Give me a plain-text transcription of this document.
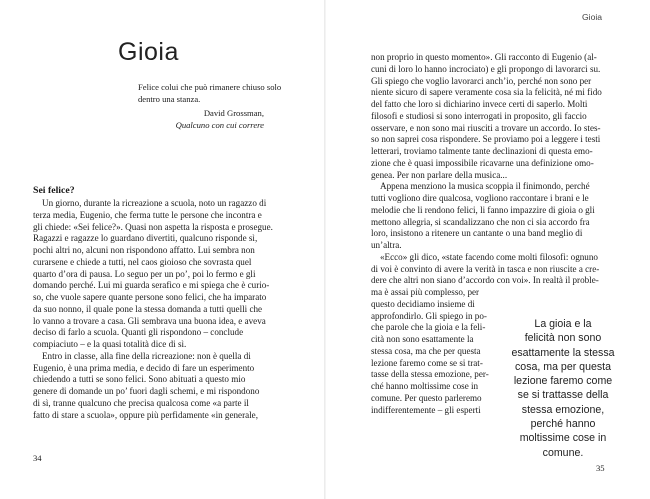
Gioia
Felice colui che può rimanere chiuso solo
dentro una stanza.
David Grossman,
Qualcuno con cui correre
Sei felice?
Un giorno, durante la ricreazione a scuola, noto un ragazzo di
terza media, Eugenio, che ferma tutte le persone che incontra e
gli chiede: «Sei felice?». Quasi non aspetta la risposta e prosegue.
Ragazzi e ragazze lo guardano divertiti, qualcuno risponde sì,
pochi altri no, alcuni non rispondono affatto. Lui sembra non
curarsene e chiede a tutti, nel caos gioioso che sovrasta quel
quarto d’ora di pausa. Lo seguo per un po’, poi lo fermo e gli
domando perché. Lui mi guarda serafico e mi spiega che è curio-
so, che vuole sapere quante persone sono felici, che ha imparato
da suo nonno, il quale pone la stessa domanda a tutti quelli che
lo vanno a trovare a casa. Gli sembrava una buona idea, e aveva
deciso di farlo a scuola. Quanti gli rispondono – conclude
compiaciuto – e la quasi totalità dice di sì.
Entro in classe, alla fine della ricreazione: non è quella di
Eugenio, è una prima media, e decido di fare un esperimento
chiedendo a tutti se sono felici. Sono abituati a questo mio
genere di domande un po’ fuori dagli schemi, e mi rispondono
di sì, tranne qualcuno che precisa qualcosa come «a parte il
fatto di stare a scuola», oppure più perfidamente «in generale,
34
Gioia
non proprio in questo momento». Gli racconto di Eugenio (al-
cuni di loro lo hanno incrociato) e gli propongo di lavorarci su.
Gli spiego che voglio lavorarci anch’io, perché non sono per
niente sicuro di sapere veramente cosa sia la felicità, né mi fido
del fatto che loro si dichiarino invece certi di saperlo. Molti
filosofi e studiosi si sono interrogati in proposito, gli faccio
osservare, e non sono mai riusciti a trovare un accordo. Io stes-
so non saprei cosa rispondere. Se proviamo poi a leggere i testi
letterari, troviamo talmente tante declinazioni di questa emo-
zione che è quasi impossibile ricavarne una definizione omo-
genea. Per non parlare della musica...
Appena menziono la musica scoppia il finimondo, perché
tutti vogliono dire qualcosa, vogliono raccontare i brani e le
melodie che li rendono felici, li fanno impazzire di gioia o gli
mettono allegria, si scandalizzano che non ci sia accordo fra
loro, insistono a ritenere un cantante o una band meglio di
un’altra.
«Ecco» gli dico, «state facendo come molti filosofi: ognuno
di voi è convinto di avere la verità in tasca e non riuscite a cre-
dere che altri non siano d’accordo con voi». In realtà il proble-
ma è assai più complesso, per
questo decidiamo insieme di
approfondirlo. Gli spiego in po-
che parole che la gioia e la feli-
cità non sono esattamente la
stessa cosa, ma che per questa
lezione faremo come se si trat-
tasse della stessa emozione, per-
ché hanno moltissime cose in
comune. Per questo parleremo
indifferentemente – gli esperti
La gioia e la
felicità non sono
esattamente la stessa
cosa, ma per questa
lezione faremo come
se si trattasse della
stessa emozione,
perché hanno
moltissime cose in
comune.
35
